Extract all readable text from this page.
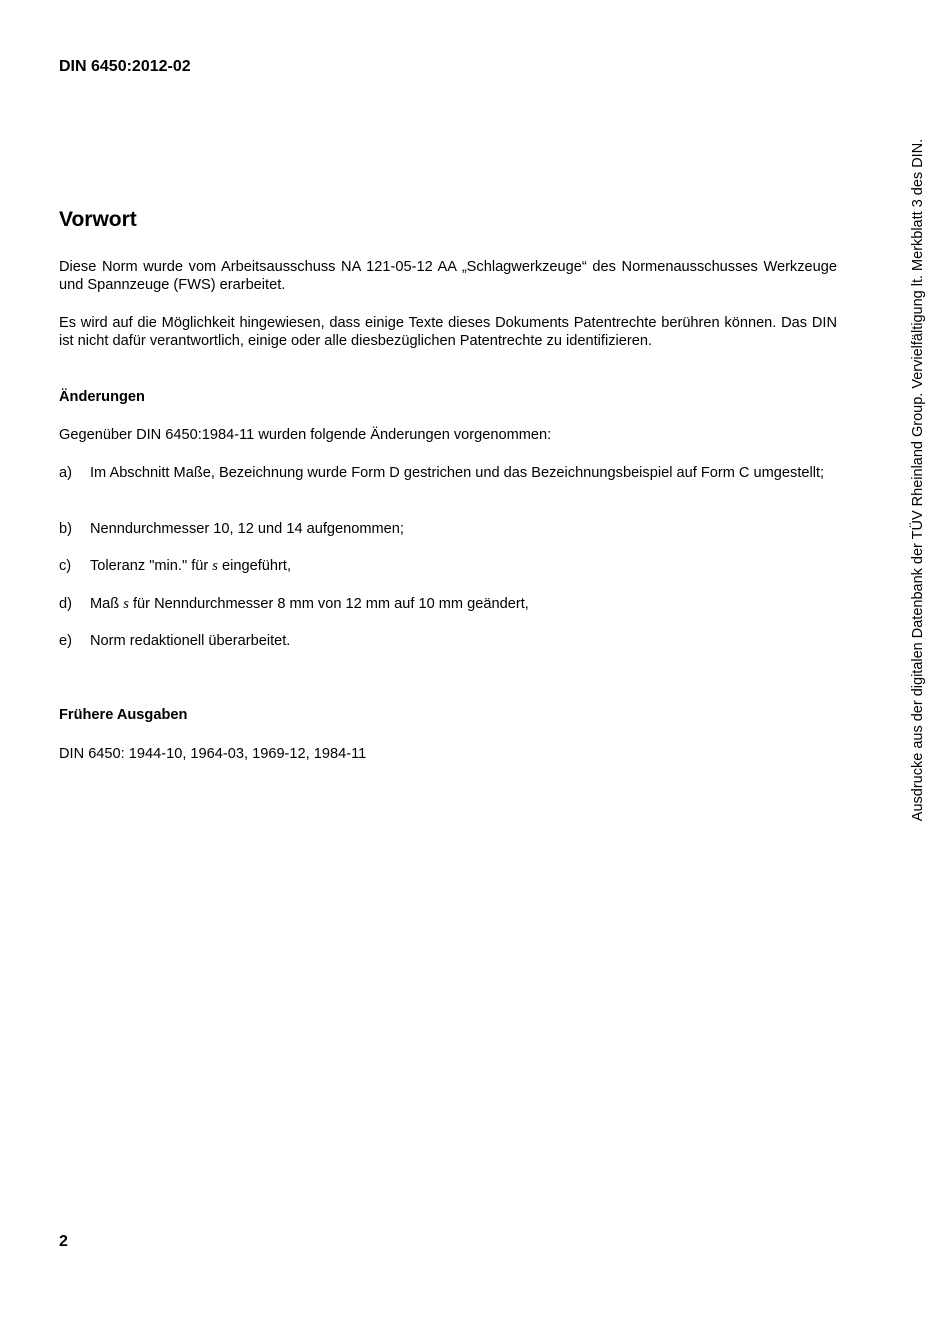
DIN 6450:2012-02
Vorwort

Diese Norm wurde vom Arbeitsausschuss NA 121-05-12 AA „Schlagwerkzeuge“ des Normenausschusses Werkzeuge und Spannzeuge (FWS) erarbeitet.

Es wird auf die Möglichkeit hingewiesen, dass einige Texte dieses Dokuments Patentrechte berühren können. Das DIN ist nicht dafür verantwortlich, einige oder alle diesbezüglichen Patentrechte zu identifizieren.

Änderungen

Gegenüber DIN 6450:1984-11 wurden folgende Änderungen vorgenommen:

a) Im Abschnitt Maße, Bezeichnung wurde Form D gestrichen und das Bezeichnungsbeispiel auf Form C umgestellt;
b) Nenndurchmesser 10, 12 und 14 aufgenommen;
c) Toleranz "min." für s eingeführt,
d) Maß s für Nenndurchmesser 8 mm von 12 mm auf 10 mm geändert,
e) Norm redaktionell überarbeitet.
Frühere Ausgaben

DIN 6450: 1944-10, 1964-03, 1969-12, 1984-11

2
Ausdrucke aus der digitalen Datenbank der TÜV Rheinland Group. Vervielfältigung lt. Merkblatt 3 des DIN.
